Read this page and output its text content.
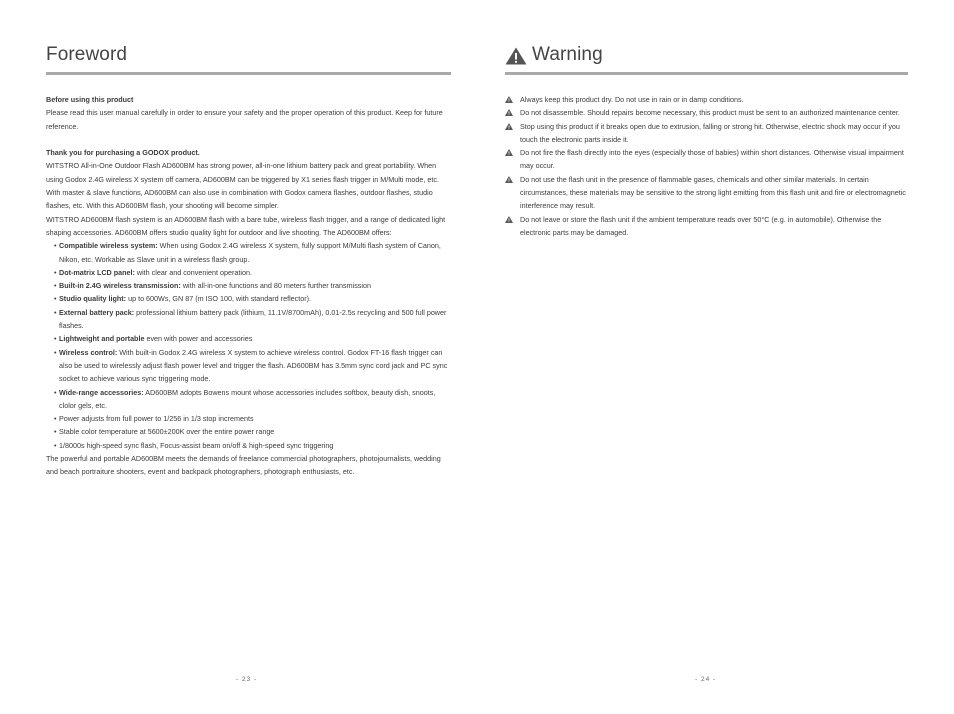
Foreword

Before using this product

Please read this user manual carefully in order to ensure your safety and the proper operation of this product. Keep for future reference.

Thank you for purchasing a GODOX product.

WITSTRO All-in-One Outdoor Flash AD600BM has strong power, all-in-one lithium battery pack and great portability. When using Godox 2.4G wireless X system off camera, AD600BM can be triggered by X1 series flash trigger in M/Multi mode, etc. With master & slave functions, AD600BM can also use in combination with Godox camera flashes, outdoor flashes, studio flashes, etc. With this AD600BM flash, your shooting will become simpler.

WITSTRO AD600BM flash system is an AD600BM flash with a bare tube, wireless flash trigger, and a range of dedicated light shaping accessories. AD600BM offers studio quality light for outdoor and live shooting. The AD600BM offers:

• Compatible wireless system: When using Godox 2.4G wireless X system, fully support M/Multi flash system of Canon, Nikon, etc. Workable as Slave unit in a wireless flash group.
• Dot-matrix LCD panel: with clear and convenient operation.
• Built-in 2.4G wireless transmission: with all-in-one functions and 80 meters further transmission
• Studio quality light: up to 600Ws, GN 87 (m ISO 100, with standard reflector).
• External battery pack: professional lithium battery pack (lithium, 11.1V/8700mAh), 0.01-2.5s recycling and 500 full power flashes.
• Lightweight and portable even with power and accessories
• Wireless control: With built-in Godox 2.4G wireless X system to achieve wireless control. Godox FT-16 flash trigger can also be used to wirelessly adjust flash power level and trigger the flash. AD600BM has 3.5mm sync cord jack and PC sync socket to achieve various sync triggering mode.
• Wide-range accessories: AD600BM adopts Bowens mount whose accessories includes softbox, beauty dish, snoots, clolor gels, etc.
• Power adjusts from full power to 1/256 in 1/3 stop increments
• Stable color temperature at 5600±200K over the entire power range
• 1/8000s high-speed sync flash, Focus-assist beam on/off & high-speed sync triggering

The powerful and portable AD600BM meets the demands of freelance commercial photographers, photojournalists, wedding and beach portraiture shooters, event and backpack photographers, photograph enthusiasts, etc.

- 23 -
Warning
Always keep this product dry. Do not use in rain or in damp conditions.
Do not disassemble. Should repairs become necessary, this product must be sent to an authorized maintenance center.
Stop using this product if it breaks open due to extrusion, falling or strong hit. Otherwise, electric shock may occur if you touch the electronic parts inside it.
Do not fire the flash directly into the eyes (especially those of babies) within short distances. Otherwise visual impairment may occur.
Do not use the flash unit in the presence of flammable gases, chemicals and other similar materials. In certain circumstances, these materials may be sensitive to the strong light emitting from this flash unit and fire or electromagnetic interference may result.
Do not leave or store the flash unit if the ambient temperature reads over 50°C (e.g. in automobile). Otherwise the electronic parts may be damaged.
- 24 -
